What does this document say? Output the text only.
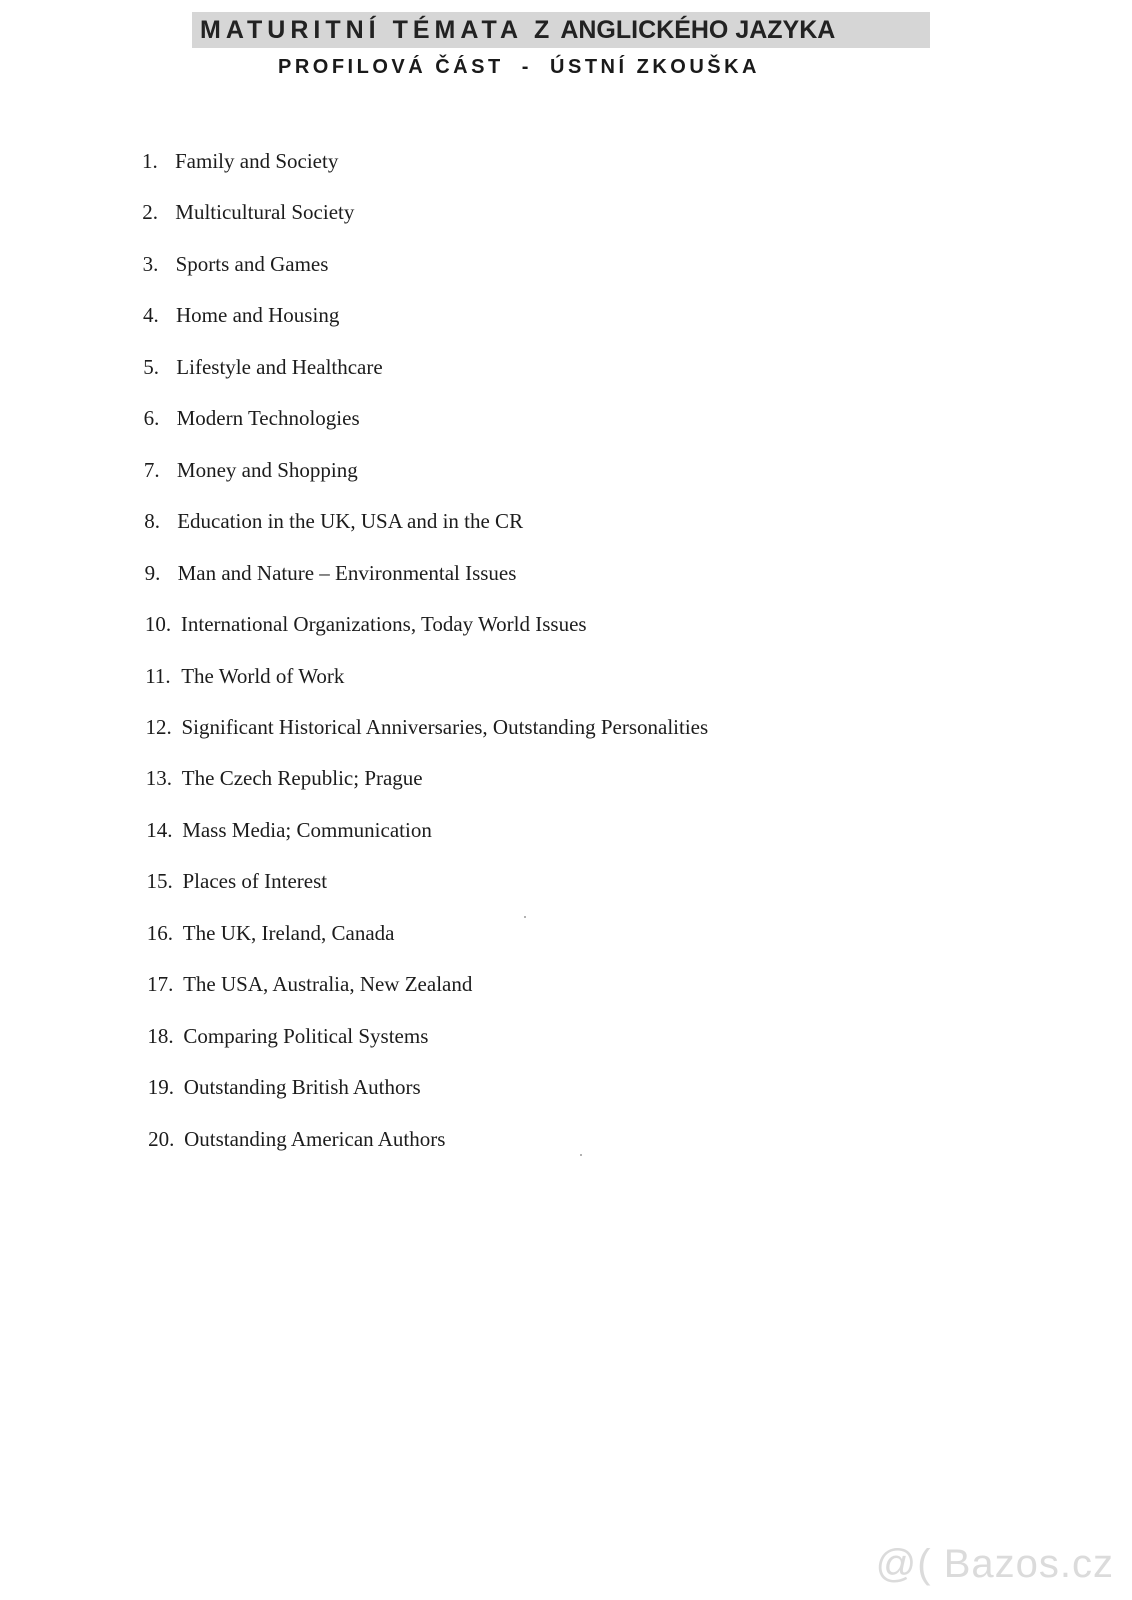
MATURITNÍ TÉMATA Z ANGLICKÉHO JAZYKA
PROFILOVÁ ČÁST  -  ÚSTNÍ ZKOUŠKA
1. Family and Society
2. Multicultural Society
3. Sports and Games
4. Home and Housing
5. Lifestyle and Healthcare
6. Modern Technologies
7. Money and Shopping
8. Education in the UK, USA and in the CR
9. Man and Nature – Environmental Issues
10. International Organizations, Today World Issues
11. The World of Work
12. Significant Historical Anniversaries, Outstanding Personalities
13. The Czech Republic; Prague
14. Mass Media; Communication
15. Places of Interest
16. The UK, Ireland, Canada
17. The USA, Australia, New Zealand
18. Comparing Political Systems
19. Outstanding British Authors
20. Outstanding American Authors
@( Bazos.cz
